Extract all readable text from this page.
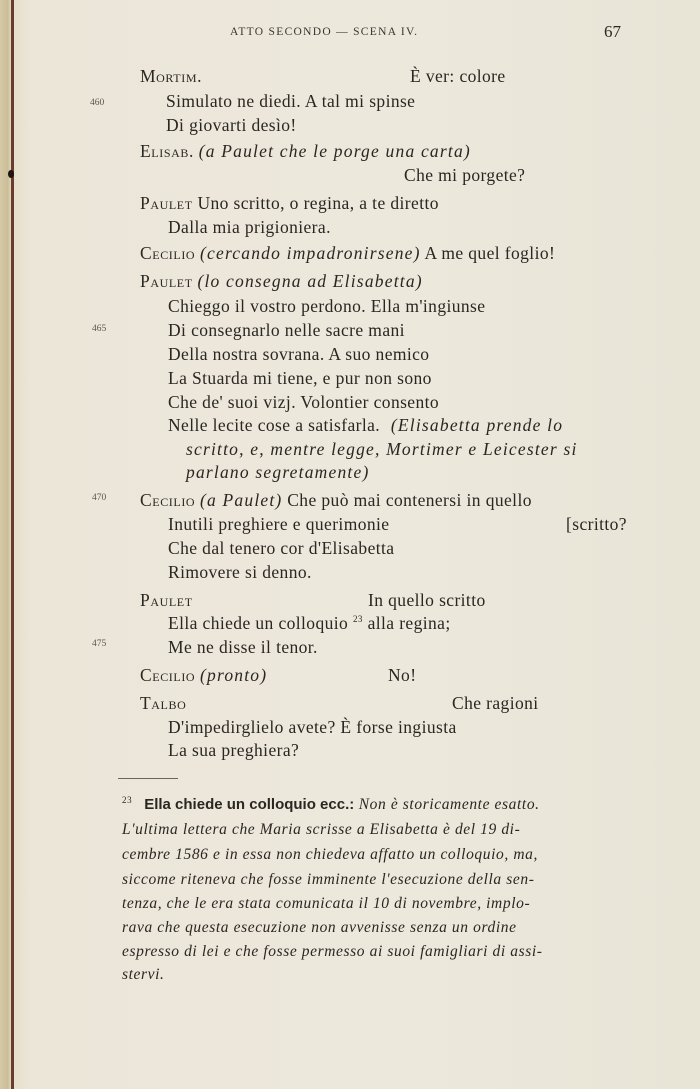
ATTO SECONDO — SCENA IV.	67
460
465
470
475
Mortim.	È ver: colore
Simulato ne diedi. A tal mi spinse
Di giovarti desìo!
Elisab. (a Paulet che le porge una carta)
Che mi porgete?
Paulet Uno scritto, o regina, a te diretto
Dalla mia prigioniera.
Cecilio (cercando impadronirsene) A me quel foglio!
Paulet (lo consegna ad Elisabetta)
Chieggo il vostro perdono. Ella m'ingiunse
Di consegnarlo nelle sacre mani
Della nostra sovrana. A suo nemico
La Stuarda mi tiene, e pur non sono
Che de' suoi vizj. Volontier consento
Nelle lecite cose a satisfarla. (Elisabetta prende lo
scritto, e, mentre legge, Mortimer e Leicester si
parlano segretamente)
Cecilio (a Paulet) Che può mai contenersi in quello
Inutili preghiere e querimonie	[scritto?
Che dal tenero cor d'Elisabetta
Rimovere si denno.
Paulet	In quello scritto
Ella chiede un colloquio $^{23}$ alla regina;
Me ne disse il tenor.
Cecilio (pronto)	No!
Talbo	Che ragioni
D'impedirglielo avete? È forse ingiusta
La sua preghiera?
$^{23}$ Ella chiede un colloquio ecc.: Non è storicamente esatto.
L'ultima lettera che Maria scrisse a Elisabetta è del 19 di-
cembre 1586 e in essa non chiedeva affatto un colloquio, ma,
siccome riteneva che fosse imminente l'esecuzione della sen-
tenza, che le era stata comunicata il 10 di novembre, implo-
rava che questa esecuzione non avvenisse senza un ordine
espresso di lei e che fosse permesso ai suoi famigliari di assi-
stervi.
